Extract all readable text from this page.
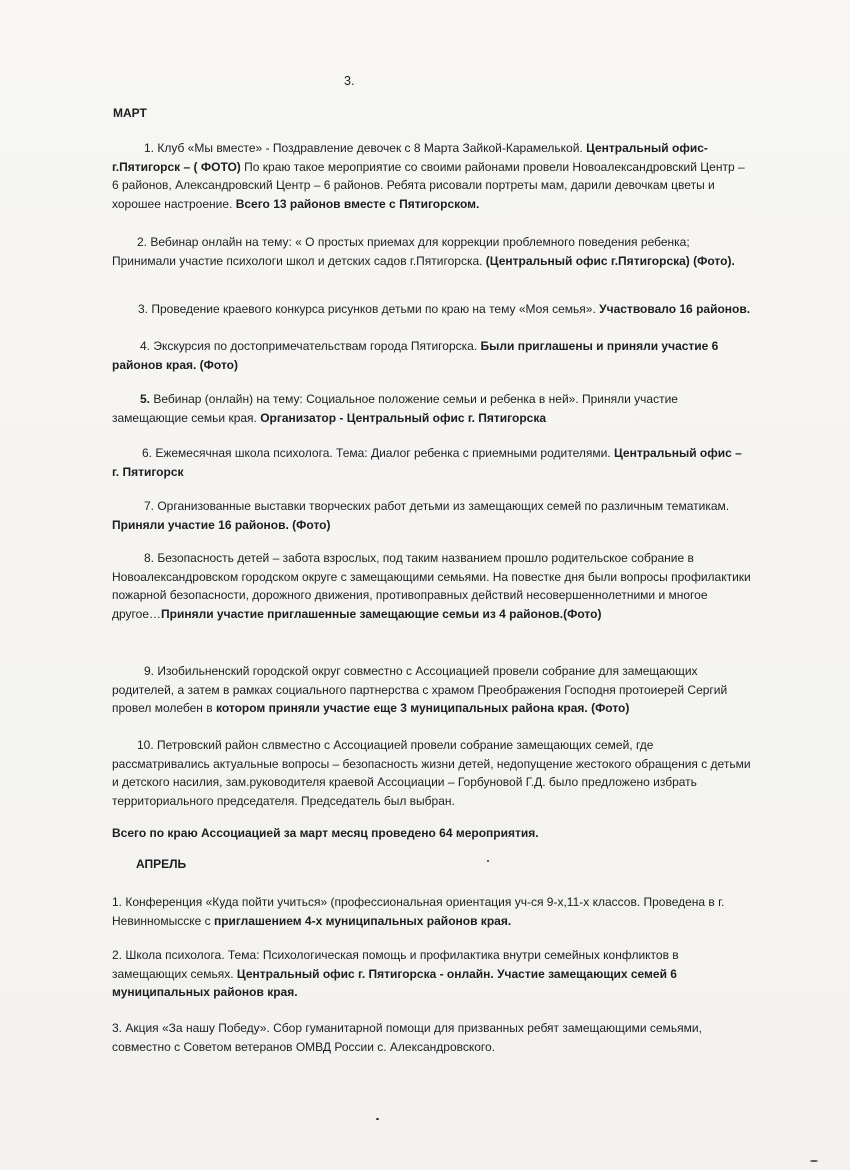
3.
МАРТ

1. Клуб «Мы вместе» - Поздравление девочек с 8 Марта Зайкой-Карамелькой. Центральный офис-г.Пятигорск – ( ФОТО) По краю такое мероприятие со своими районами провели Новоалександровский Центр – 6 районов, Александровский Центр – 6 районов. Ребята рисовали портреты мам, дарили девочкам цветы и хорошее настроение. Всего 13 районов вместе с Пятигорском.

2. Вебинар онлайн на тему: « О простых приемах для коррекции проблемного поведения ребенка; Принимали участие психологи школ и детских садов г.Пятигорска. (Центральный офис г.Пятигорска) (Фото).

3. Проведение краевого конкурса рисунков детьми по краю на тему «Моя семья». Участвовало 16 районов.

4. Экскурсия по достопримечательствам города Пятигорска. Были приглашены и приняли участие 6 районов края. (Фото)

5. Вебинар (онлайн) на тему: Социальное положение семьи и ребенка в ней». Приняли участие замещающие семьи края. Организатор - Центральный офис г. Пятигорска

6. Ежемесячная школа психолога. Тема: Диалог ребенка с приемными родителями. Центральный офис – г. Пятигорск

7. Организованные выставки творческих работ детьми из замещающих семей по различным тематикам. Приняли участие 16 районов. (Фото)

8. Безопасность детей – забота взрослых, под таким названием прошло родительское собрание в Новоалександровском городском округе с замещающими семьями. На повестке дня были вопросы профилактики пожарной безопасности, дорожного движения, противоправных действий несовершеннолетними и многое другое…Приняли участие приглашенные замещающие семьи из 4 районов.(Фото)

9. Изобильненский городской округ совместно с Ассоциацией провели собрание для замещающих родителей, а затем в рамках социального партнерства с храмом Преображения Господня протоиерей Сергий провел молебен в котором приняли участие еще 3 муниципальных района края. (Фото)

10. Петровский район слвместно с Ассоциацией провели собрание замещающих семей, где рассматривались актуальные вопросы – безопасность жизни детей, недопущение жестокого обращения с детьми и детского насилия, зам.руководителя краевой Ассоциации – Горбуновой Г.Д. было предложено избрать территориального председателя. Председатель был выбран.

Всего по краю Ассоциацией за март месяц проведено 64 мероприятия.
АПРЕЛЬ

1. Конференция «Куда пойти учиться» (профессиональная ориентация уч-ся 9-х,11-х классов. Проведена в г. Невинномысске с приглашением 4-х муниципальных районов края.

2. Школа психолога. Тема: Психологическая помощь и профилактика внутри семейных конфликтов в замещающих семьях. Центральный офис г. Пятигорска - онлайн. Участие замещающих семей 6 муниципальных районов края.

3. Акция «За нашу Победу». Сбор гуманитарной помощи для призванных ребят замещающими семьями, совместно с Советом ветеранов ОМВД России с. Александровского.
